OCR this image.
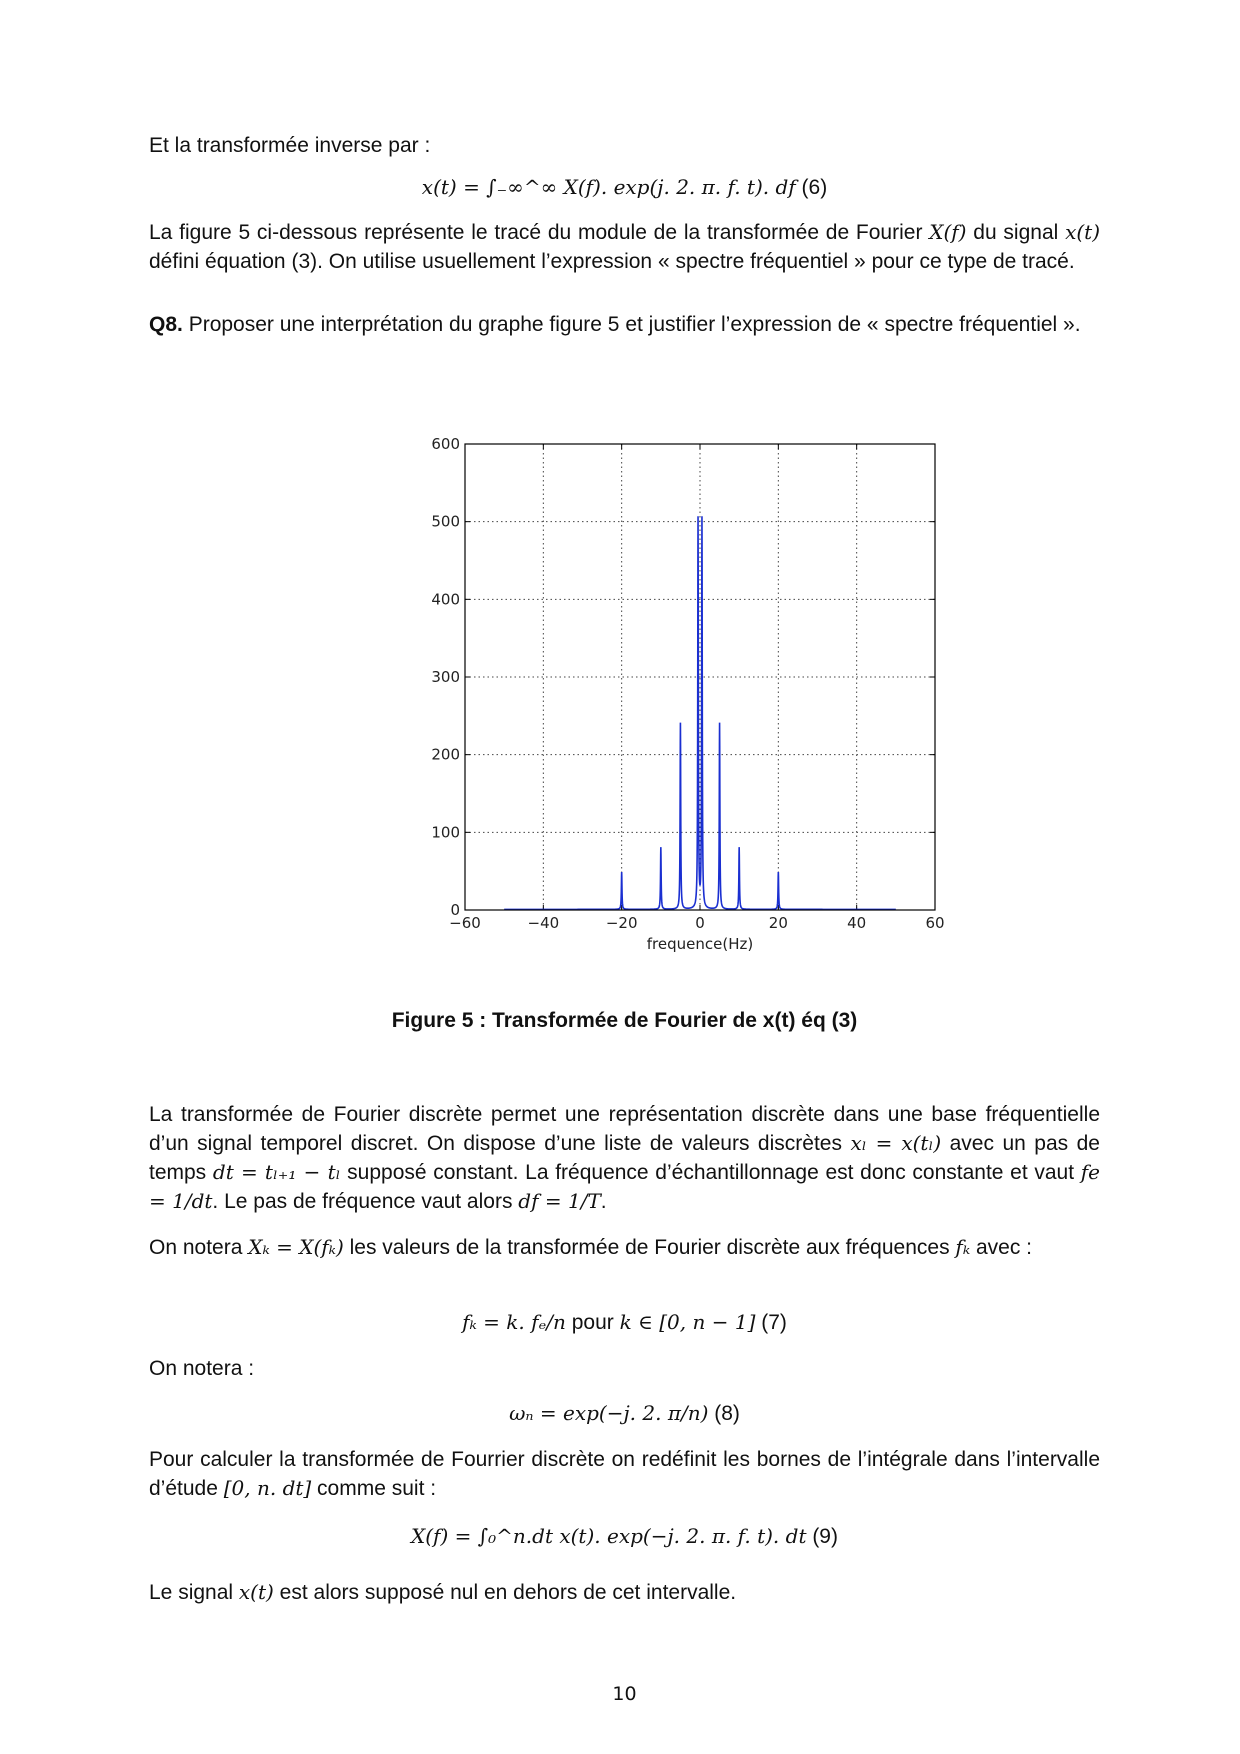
Et la transformée inverse par :

x(t) = ∫₋∞^∞ X(f). exp(j. 2. π. f. t). df (6)

La figure 5 ci-dessous représente le tracé du module de la transformée de Fourier X(f) du signal x(t) défini équation (3). On utilise usuellement l’expression « spectre fréquentiel » pour ce type de tracé.

Q8. Proposer une interprétation du graphe figure 5 et justifier l’expression de « spectre fréquentiel ».

−60	−40	−20	0	20	40	60
0
100
200
300
400
500
600
frequence(Hz)
Figure 5 : Transformée de Fourier de x(t) éq (3)

La transformée de Fourier discrète permet une représentation discrète dans une base fréquentielle d’un signal temporel discret. On dispose d’une liste de valeurs discrètes xₗ = x(tₗ) avec un pas de temps dt = tₗ₊₁ − tₗ supposé constant. La fréquence d’échantillonnage est donc constante et vaut fe = 1/dt. Le pas de fréquence vaut alors df = 1/T.

On notera Xₖ = X(fₖ) les valeurs de la transformée de Fourier discrète aux fréquences fₖ avec :

fₖ = k. fₑ/n pour k ∈ [0, n − 1] (7)

On notera :

ωₙ = exp(−j. 2. π/n) (8)

Pour calculer la transformée de Fourrier discrète on redéfinit les bornes de l’intégrale dans l’intervalle d’étude [0, n. dt] comme suit :

X(f) = ∫₀^n.dt x(t). exp(−j. 2. π. f. t). dt (9)

Le signal x(t) est alors supposé nul en dehors de cet intervalle.

10
